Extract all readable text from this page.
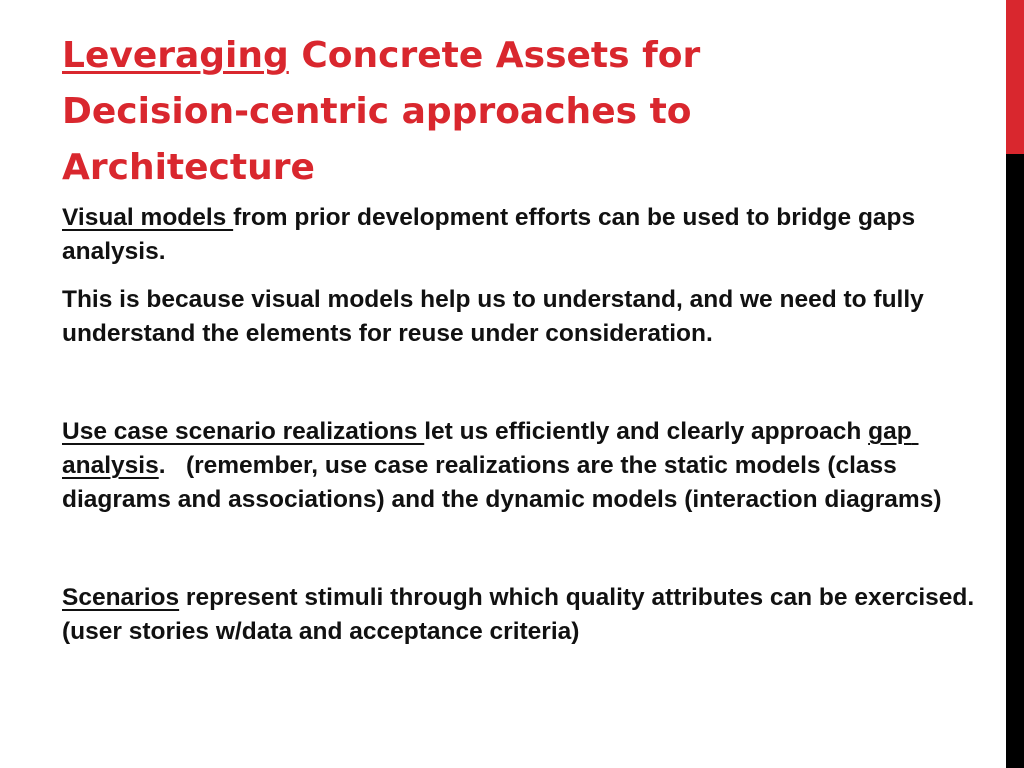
Leveraging Concrete Assets for
Decision-centric approaches to
Architecture

Visual models from prior development efforts can be used to bridge gaps analysis.

This is because visual models help us to understand, and we need to fully understand the elements for reuse under consideration.

Use case scenario realizations let us efficiently and clearly approach gap analysis.   (remember, use case realizations are the static models (class diagrams and associations) and the dynamic models (interaction diagrams)

Scenarios represent stimuli through which quality attributes can be exercised.  (user stories w/data and acceptance criteria)
